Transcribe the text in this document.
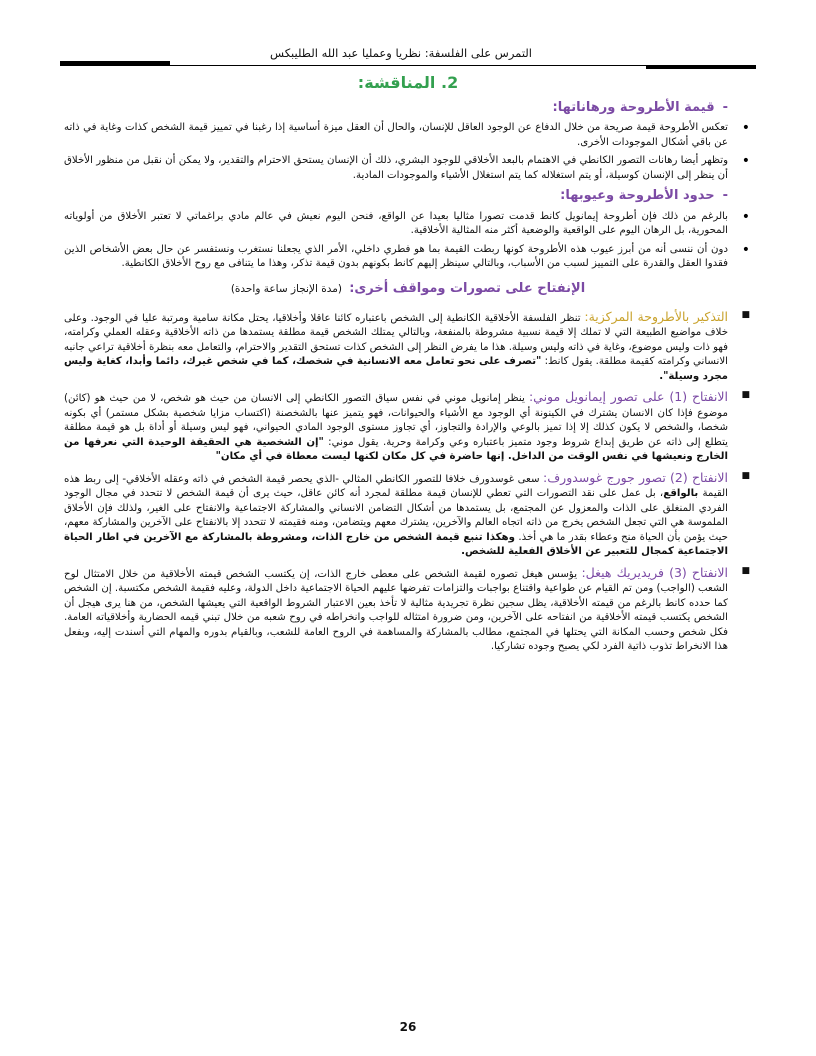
التمرس على الفلسفة: نظريا وعمليا عبد الله الطليبكس
2. المناقشة:
-قيمة الأطروحة ورهاناتها:
• تعكس الأطروحة قيمة صريحة من خلال الدفاع عن الوجود العاقل للإنسان، والحال أن العقل ميزة أساسية إذا رغبنا في تمييز قيمة الشخص كذات وغاية في ذاته عن باقي أشكال الموجودات الأخرى.
• وتظهر أيضا رهانات التصور الكانطي في الاهتمام بالبعد الأخلاقي للوجود البشري، ذلك أن الإنسان يستحق الاحترام والتقدير، ولا يمكن أن نقبل من منظور الأخلاق أن ينظر إلى الإنسان كوسيلة، أو يتم استغلاله كما يتم استغلال الأشياء والموجودات المادية.
-حدود الأطروحة وعيوبها:
• بالرغم من ذلك فإن أطروحة إيمانويل كانط قدمت تصورا مثاليا بعيدا عن الواقع، فنحن اليوم نعيش في عالم مادي براغماتي لا تعتبر الأخلاق من أولوياته المحورية، بل الرهان اليوم على الواقعية والوضعية أكثر منه المثالية الأخلاقية.
• دون أن ننسى أنه من أبرز عيوب هذه الأطروحة كونها ربطت القيمة بما هو فطري داخلي، الأمر الذي يجعلنا نستغرب ونستفسر عن حال بعض الأشخاص الذين فقدوا العقل والقدرة على التمييز لسبب من الأسباب، وبالتالي سينظر إليهم كانط بكونهم بدون قيمة تذكر، وهذا ما يتنافى مع روح الأخلاق الكانطية.
الإنفتاح على تصورات ومواقف أخرى: (مدة الإنجاز ساعة واحدة)
■ التذكير بالأطروحة المركزية: تنظر الفلسفة الأخلاقية الكانطية إلى الشخص باعتباره كائنا عاقلا وأخلاقيا، يحتل مكانة سامية ومرتبة عليا في الوجود. وعلى خلاف مواضيع الطبيعة التي لا تملك إلا قيمة نسبية مشروطة بالمنفعة، وبالتالي يمتلك الشخص قيمة مطلقة يستمدها من ذاته الأخلاقية وعقله العملي وكرامته، فهو ذات وليس موضوع، وغاية في ذاته وليس وسيلة. هذا ما يفرض النظر إلى الشخص كذات تستحق التقدير والاحترام، والتعامل معه بنظرة أخلاقية تراعي جانبه الانساني وكرامته كقيمة مطلقة. يقول كانط: "تصرف على نحو تعامل معه الانسانية في شخصك، كما في شخص غيرك، دائما وأبدا، كغاية وليس مجرد وسيلة".
■ الانفتاح (1) على تصور إيمانويل موني: ينظر إمانويل موني في نفس سياق التصور الكانطي إلى الانسان من حيث هو شخص، لا من حيث هو (كائن) موضوع فإذا كان الانسان يشترك في الكينونة أي الوجود مع الأشياء والحيوانات، فهو يتميز عنها بالشخصنة (اكتساب مزايا شخصية بشكل مستمر) أي بكونه شخصا، والشخص لا يكون كذلك إلا إذا تميز بالوعي والإرادة والتجاوز، أي تجاوز مستوى الوجود المادي الحيواني، فهو ليس وسيلة أو أداة بل هو قيمة مطلقة يتطلع إلى ذاته عن طريق إبداع شروط وجود متميز باعتباره وعي وكرامة وحرية. يقول موني: "إن الشخصية هي الحقيقة الوحيدة التي نعرفها من الخارج ونعيشها في نفس الوقت من الداخل. إنها حاضرة في كل مكان لكنها ليست معطاة في أي مكان"
■ الانفتاح (2) تصور جورج غوسدورف: سعى غوسدورف خلافا للتصور الكانطي المثالي -الذي يحصر قيمة الشخص في ذاته وعقله الأخلاقي- إلى ربط هذه القيمة بالواقع، بل عمل على نقد التصورات التي تعطي للإنسان قيمة مطلقة لمجرد أنه كائن عاقل، حيث يرى أن قيمة الشخص لا تتحدد في مجال الوجود الفردي المنغلق على الذات والمعزول عن المجتمع، بل يستمدها من أشكال التضامن الانساني والمشاركة الاجتماعية والانفتاح على الغير، ولذلك فإن الأخلاق الملموسة هي التي تجعل الشخص يخرج من ذاته اتجاه العالم والآخرين، يشترك معهم ويتضامن، ومنه فقيمته لا تتحدد إلا بالانفتاح على الآخرين والمشاركة معهم، حيث يؤمن بأن الحياة منح وعطاء بقدر ما هي أخذ. وهكذا تنبع قيمة الشخص من خارج الذات، ومشروطة بالمشاركة مع الآخرين في اطار الحياة الاجتماعية كمجال للتعبير عن الأخلاق الفعلية للشخص.
■ الانفتاح (3) فريديريك هيغل: يؤسس هيغل تصوره لقيمة الشخص على معطى خارج الذات، إن يكتسب الشخص قيمته الأخلاقية من خلال الامتثال لوح الشعب (الواجب) ومن تم القيام عن طواعية واقتناع بواجبات والتزامات تفرضها عليهم الحياة الاجتماعية داخل الدولة، وعليه فقيمة الشخص مكتسبة. إن الشخص كما حدده كانط بالرغم من قيمته الأخلاقية، يظل سجين نظرة تجريدية مثالية لا تأخذ بعين الاعتبار الشروط الواقعية التي يعيشها الشخص، من هنا يرى هيجل أن الشخص يكتسب قيمته الأخلاقية من انفتاحه على الآخرين، ومن ضرورة امتثاله للواجب وانخراطه في روح شعبه من خلال تبني قيمه الحضارية وأخلاقياته العامة. فكل شخص وحسب المكانة التي يحتلها في المجتمع، مطالب بالمشاركة والمساهمة في الروح العامة للشعب، وبالقيام بدوره والمهام التي أسندت إليه، وبفعل هذا الانخراط تذوب ذاتية الفرد لكي يصبح وجوده تشاركيا.
26
